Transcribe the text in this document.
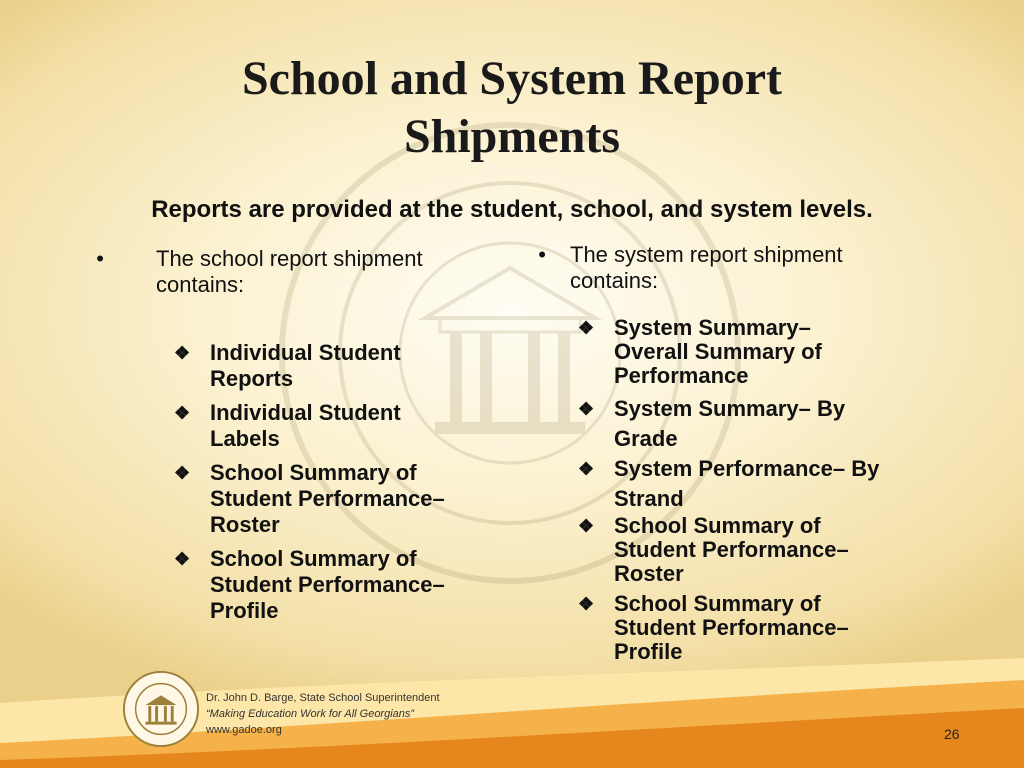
School and System Report
Shipments
Reports are provided at the student, school, and system levels.
• The school report shipment contains:
❖ Individual Student Reports
❖ Individual Student Labels
❖ School Summary of Student Performance–Roster
❖ School Summary of Student Performance– Profile
• The system report shipment contains:
❖ System Summary–Overall Summary of Performance
❖ System Summary– By Grade
❖ System Performance– By Strand
❖ School Summary of Student Performance–Roster
❖ School Summary of Student Performance–Profile
Dr. John D. Barge, State School Superintendent
“Making Education Work for All Georgians”
www.gadoe.org	26
